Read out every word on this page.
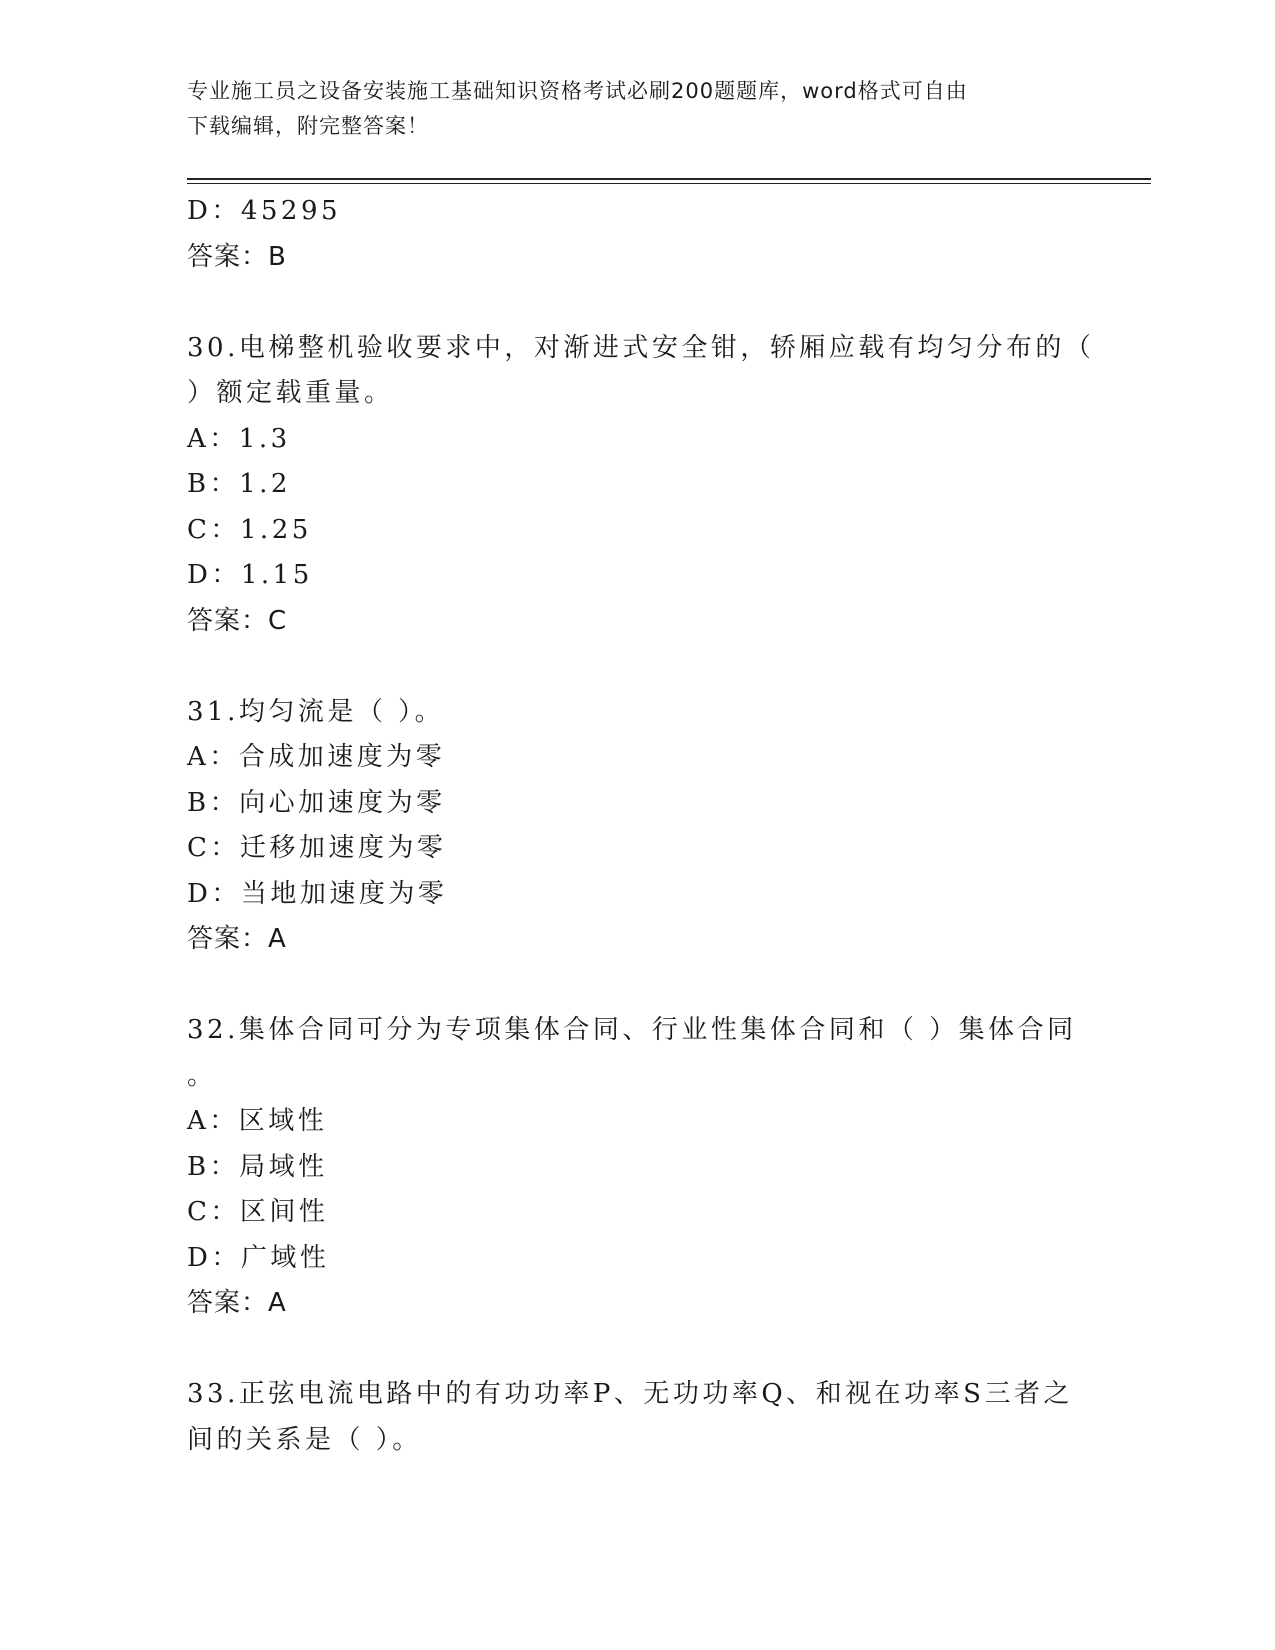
专业施工员之设备安装施工基础知识资格考试必刷200题题库，word格式可自由
下载编辑，附完整答案！
D：45295
答案：B
30.电梯整机验收要求中，对渐进式安全钳，轿厢应载有均匀分布的（
）额定载重量。
A：1.3
B：1.2
C：1.25
D：1.15
答案：C
31.均匀流是（ ）。
A：合成加速度为零
B：向心加速度为零
C：迁移加速度为零
D：当地加速度为零
答案：A
32.集体合同可分为专项集体合同、行业性集体合同和（ ）集体合同
。
A：区域性
B：局域性
C：区间性
D：广域性
答案：A
33.正弦电流电路中的有功功率P、无功功率Q、和视在功率S三者之
间的关系是（ ）。
